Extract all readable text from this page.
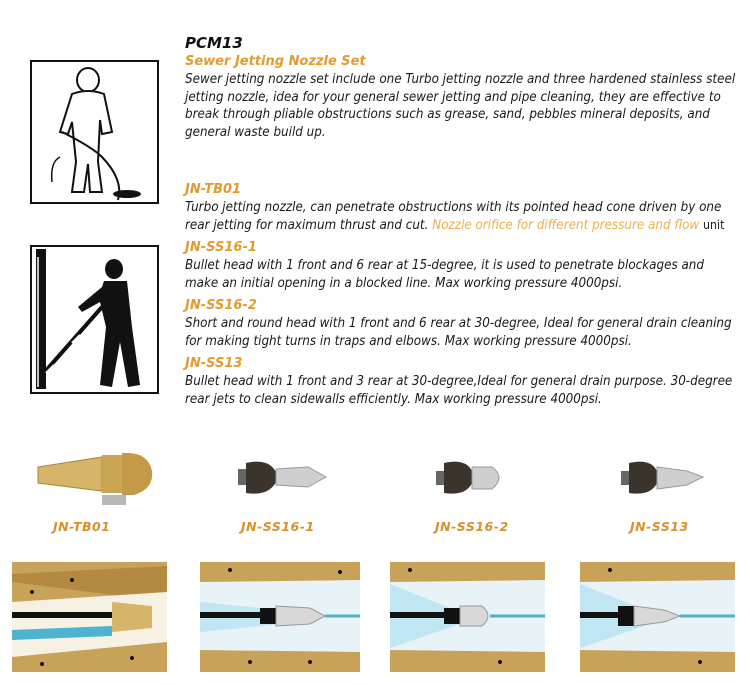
PCM13
Sewer Jetting Nozzle Set
Sewer jetting nozzle set include one Turbo jetting nozzle and three hardened stainless steel jetting nozzle, idea for your general sewer jetting and pipe cleaning, they are effective to break through pliable obstructions such as grease, sand, pebbles mineral deposits, and general waste build up.
JN-TB01
Turbo jetting nozzle, can penetrate obstructions with its pointed head cone driven by one rear jetting for maximum thrust and cut. Nozzle orifice for different pressure and flow unit
JN-SS16-1
Bullet head with 1 front and 6 rear at 15-degree, it is used to penetrate blockages and make an initial opening in a blocked line. Max working pressure 4000psi.
JN-SS16-2
Short and round head with 1 front and 6 rear at 30-degree, Ideal for general drain cleaning for making tight turns in traps and elbows. Max working pressure 4000psi.
JN-SS13
Bullet head with 1 front and 3 rear at 30-degree,Ideal for general drain purpose. 30-degree rear jets to clean sidewalls efficiently. Max working pressure 4000psi.
JN-TB01	JN-SS16-1	JN-SS16-2	JN-SS13
